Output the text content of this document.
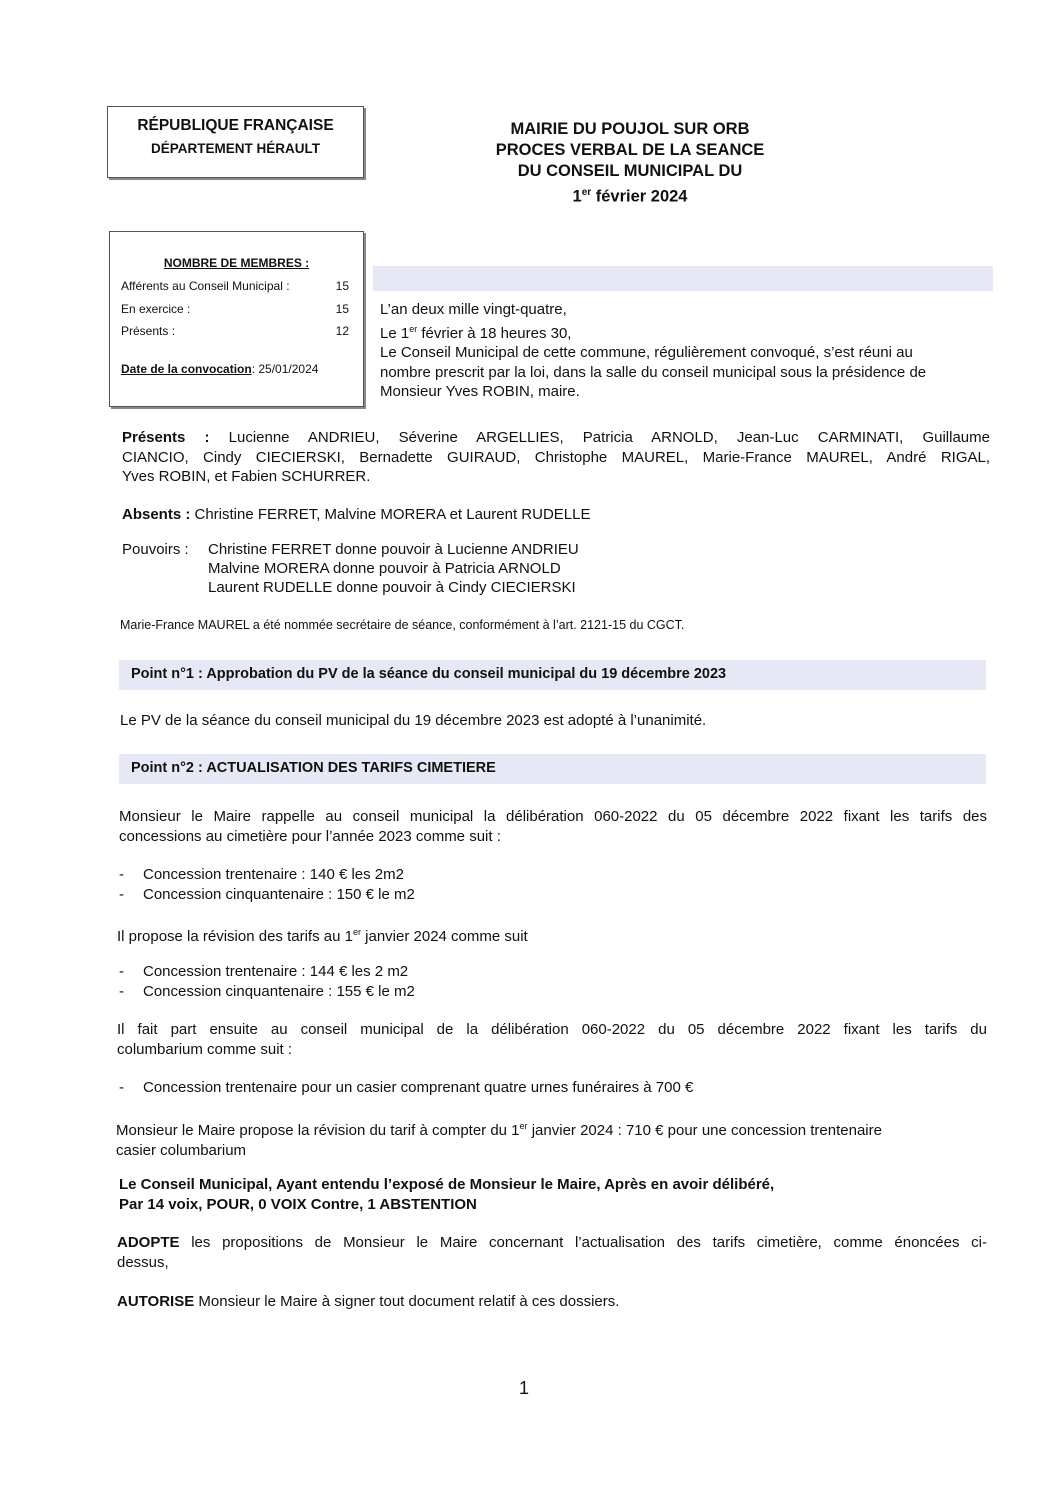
RÉPUBLIQUE FRANÇAISE
DÉPARTEMENT HÉRAULT
MAIRIE DU POUJOL SUR ORB
PROCES VERBAL DE LA SEANCE
DU CONSEIL MUNICIPAL DU
1er février 2024
NOMBRE DE MEMBRES :
Afférents au Conseil Municipal :	15
En exercice :	15
Présents :	12
Date de la convocation : 25/01/2024
L’an deux mille vingt-quatre,
Le 1er février à 18 heures 30,
Le Conseil Municipal de cette commune, régulièrement convoqué, s’est réuni au
nombre prescrit par la loi, dans la salle du conseil municipal sous la présidence de
Monsieur Yves ROBIN, maire.
Présents : Lucienne ANDRIEU, Séverine ARGELLIES, Patricia ARNOLD, Jean-Luc CARMINATI, Guillaume
CIANCIO, Cindy CIECIERSKI, Bernadette GUIRAUD, Christophe MAUREL, Marie-France MAUREL, André RIGAL,
Yves ROBIN, et Fabien SCHURRER.
Absents : Christine FERRET, Malvine MORERA et Laurent RUDELLE
Pouvoirs : Christine FERRET donne pouvoir à Lucienne ANDRIEU
Malvine MORERA donne pouvoir à Patricia ARNOLD
Laurent RUDELLE donne pouvoir à Cindy CIECIERSKI
Marie-France MAUREL a été nommée secrétaire de séance, conformément à l’art. 2121-15 du CGCT.
Point n°1 : Approbation du PV de la séance du conseil municipal du 19 décembre 2023
Le PV de la séance du conseil municipal du 19 décembre 2023 est adopté à l’unanimité.
Point n°2 : ACTUALISATION DES TARIFS CIMETIERE
Monsieur le Maire rappelle au conseil municipal la délibération 060-2022 du 05 décembre 2022 fixant les tarifs des
concessions au cimetière pour l’année 2023 comme suit :
-	Concession trentenaire : 140 € les 2m2
-	Concession cinquantenaire : 150 € le m2
Il propose la révision des tarifs au 1er janvier 2024 comme suit
-	Concession trentenaire : 144 € les 2 m2
-	Concession cinquantenaire : 155 € le m2
Il fait part ensuite au conseil municipal de la délibération 060-2022 du 05 décembre 2022 fixant les tarifs du
columbarium comme suit :
-	Concession trentenaire pour un casier comprenant quatre urnes funéraires à 700 €
Monsieur le Maire propose la révision du tarif à compter du 1er janvier 2024 : 710 € pour une concession trentenaire
casier columbarium
Le Conseil Municipal, Ayant entendu l’exposé de Monsieur le Maire, Après en avoir délibéré,
Par 14 voix, POUR, 0 VOIX Contre, 1 ABSTENTION
ADOPTE les propositions de Monsieur le Maire concernant l’actualisation des tarifs cimetière, comme énoncées ci-
dessus,
AUTORISE Monsieur le Maire à signer tout document relatif à ces dossiers.
1
